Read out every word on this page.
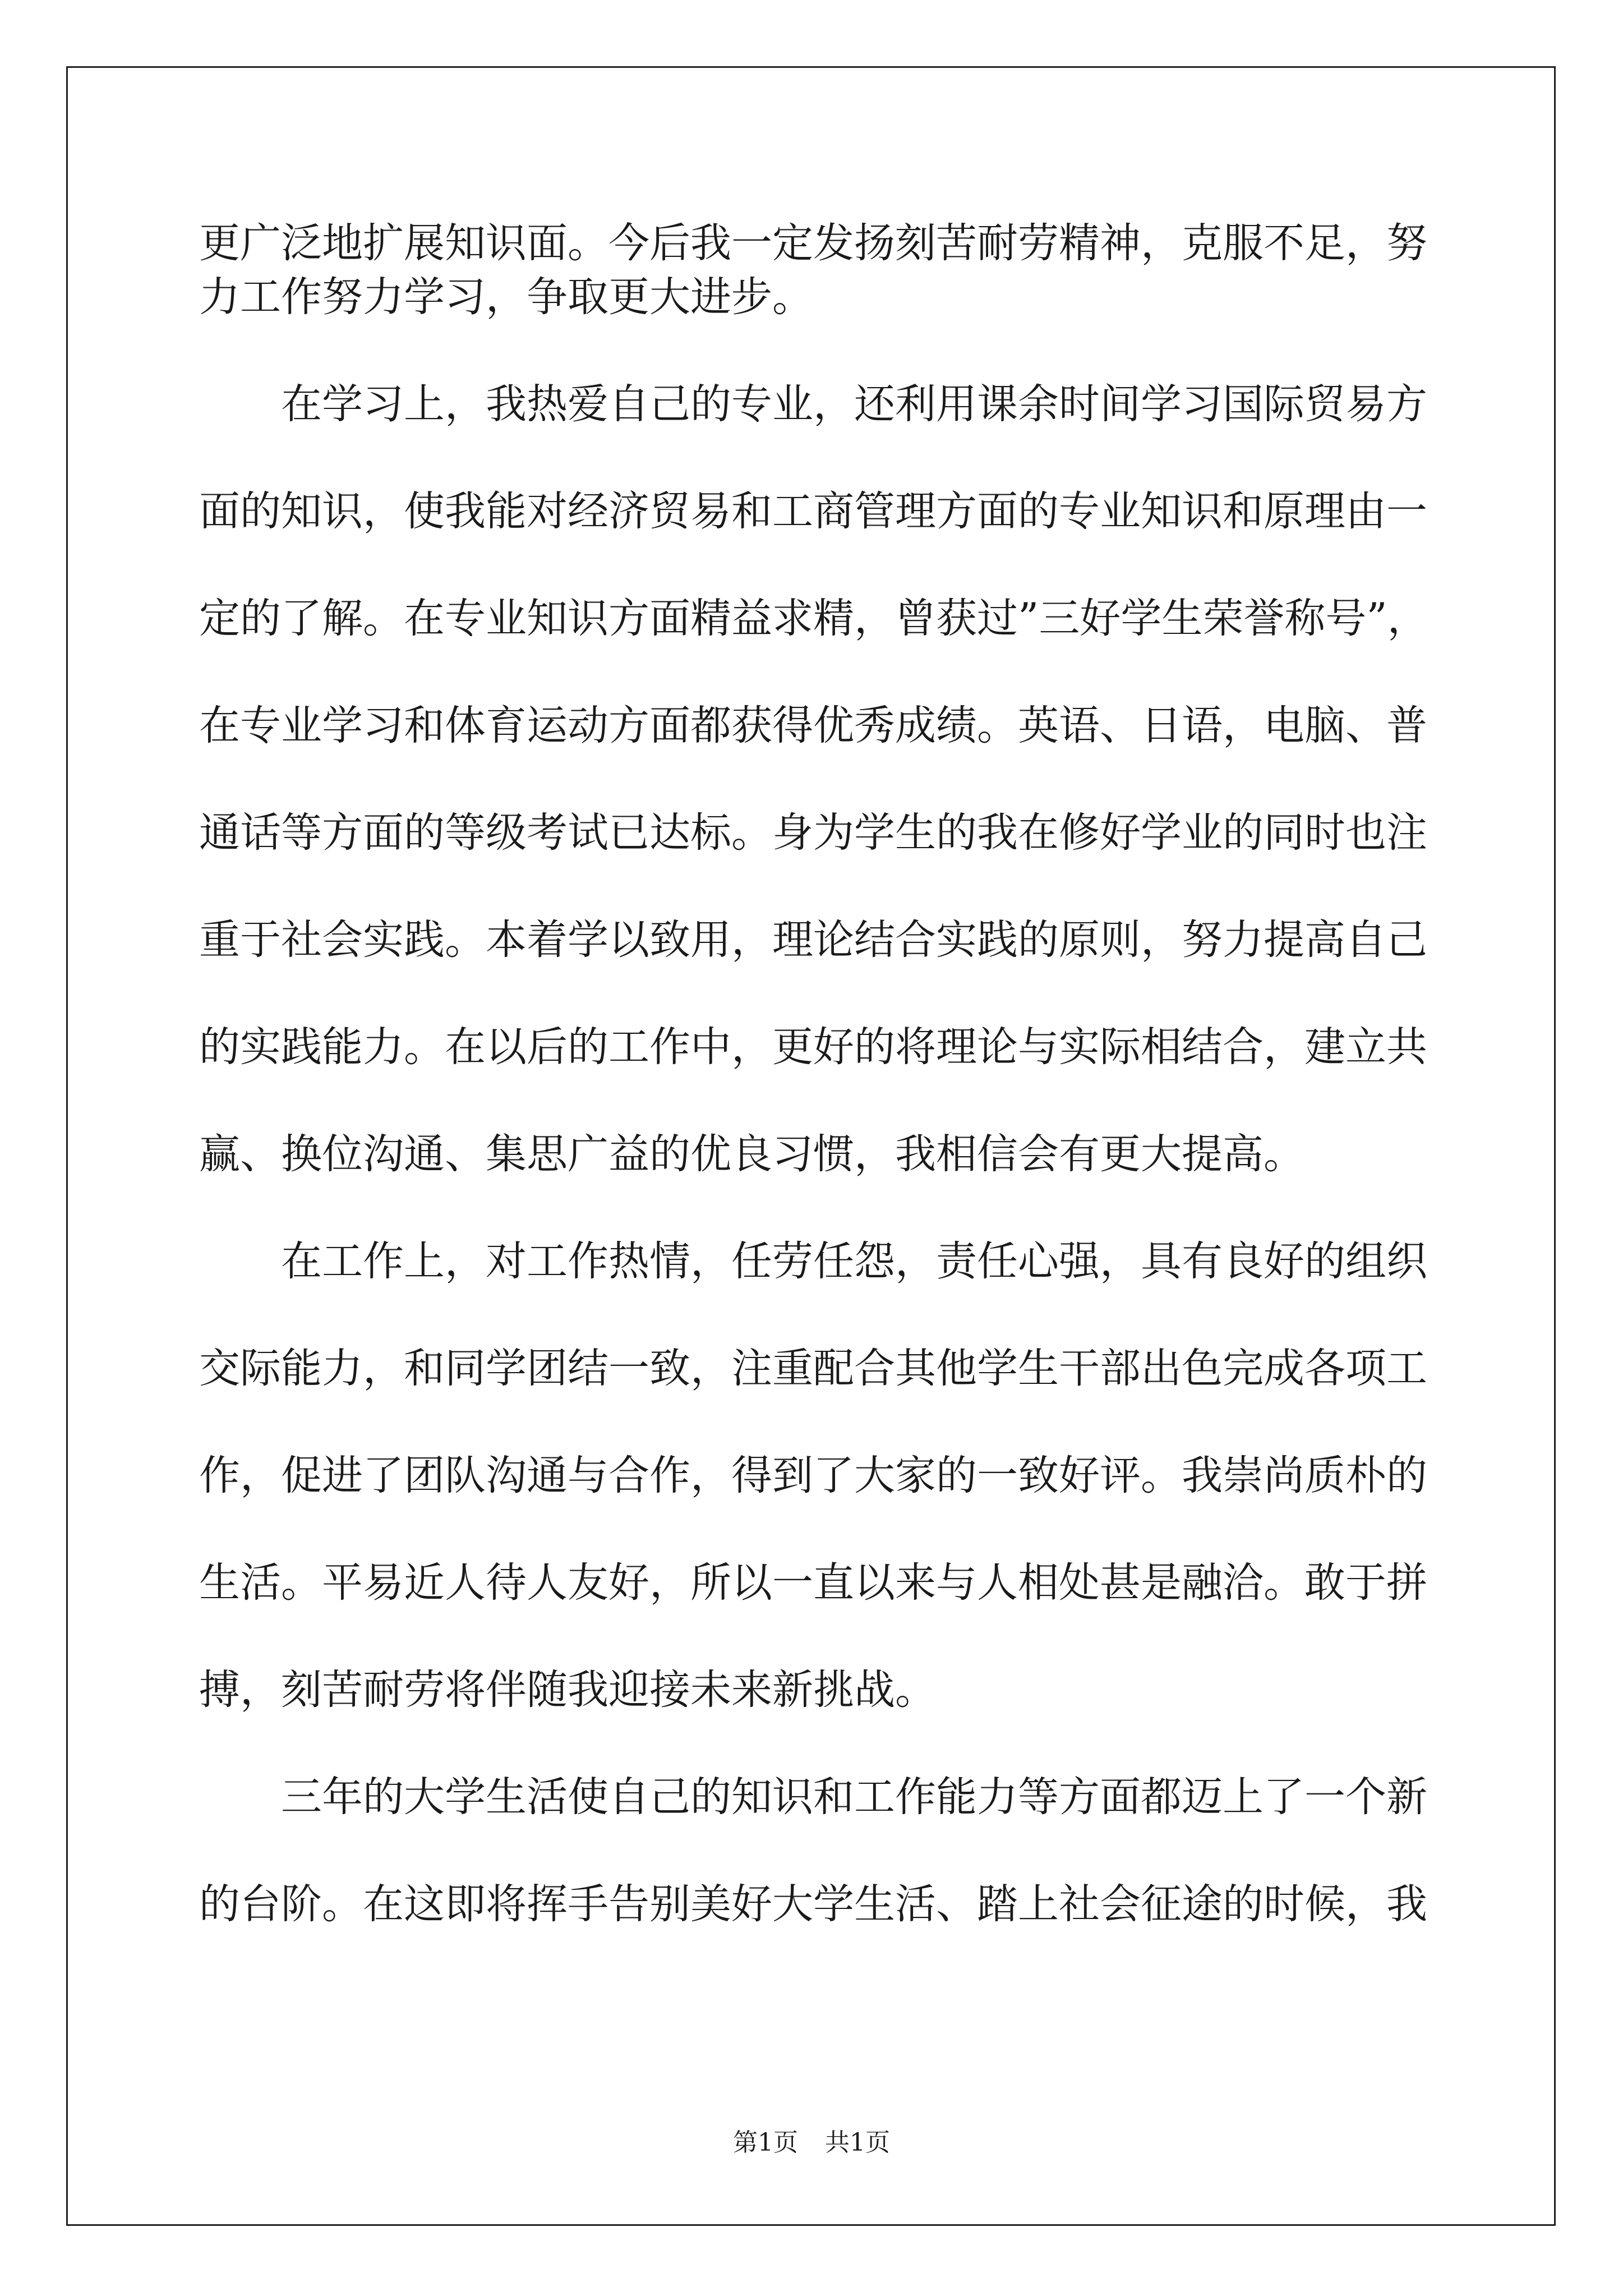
更广泛地扩展知识面。今后我一定发扬刻苦耐劳精神，克服不足，努
力工作努力学习，争取更大进步。
在学习上，我热爱自己的专业，还利用课余时间学习国际贸易方
面的知识，使我能对经济贸易和工商管理方面的专业知识和原理由一
定的了解。在专业知识方面精益求精，曾获过”三好学生荣誉称号”，
在专业学习和体育运动方面都获得优秀成绩。英语、日语，电脑、普
通话等方面的等级考试已达标。身为学生的我在修好学业的同时也注
重于社会实践。本着学以致用，理论结合实践的原则，努力提高自己
的实践能力。在以后的工作中，更好的将理论与实际相结合，建立共
赢、换位沟通、集思广益的优良习惯，我相信会有更大提高。
在工作上，对工作热情，任劳任怨，责任心强，具有良好的组织
交际能力，和同学团结一致，注重配合其他学生干部出色完成各项工
作，促进了团队沟通与合作，得到了大家的一致好评。我崇尚质朴的
生活。平易近人待人友好，所以一直以来与人相处甚是融洽。敢于拼
搏，刻苦耐劳将伴随我迎接未来新挑战。
三年的大学生活使自己的知识和工作能力等方面都迈上了一个新
的台阶。在这即将挥手告别美好大学生活、踏上社会征途的时候，我
第1页 共1页
